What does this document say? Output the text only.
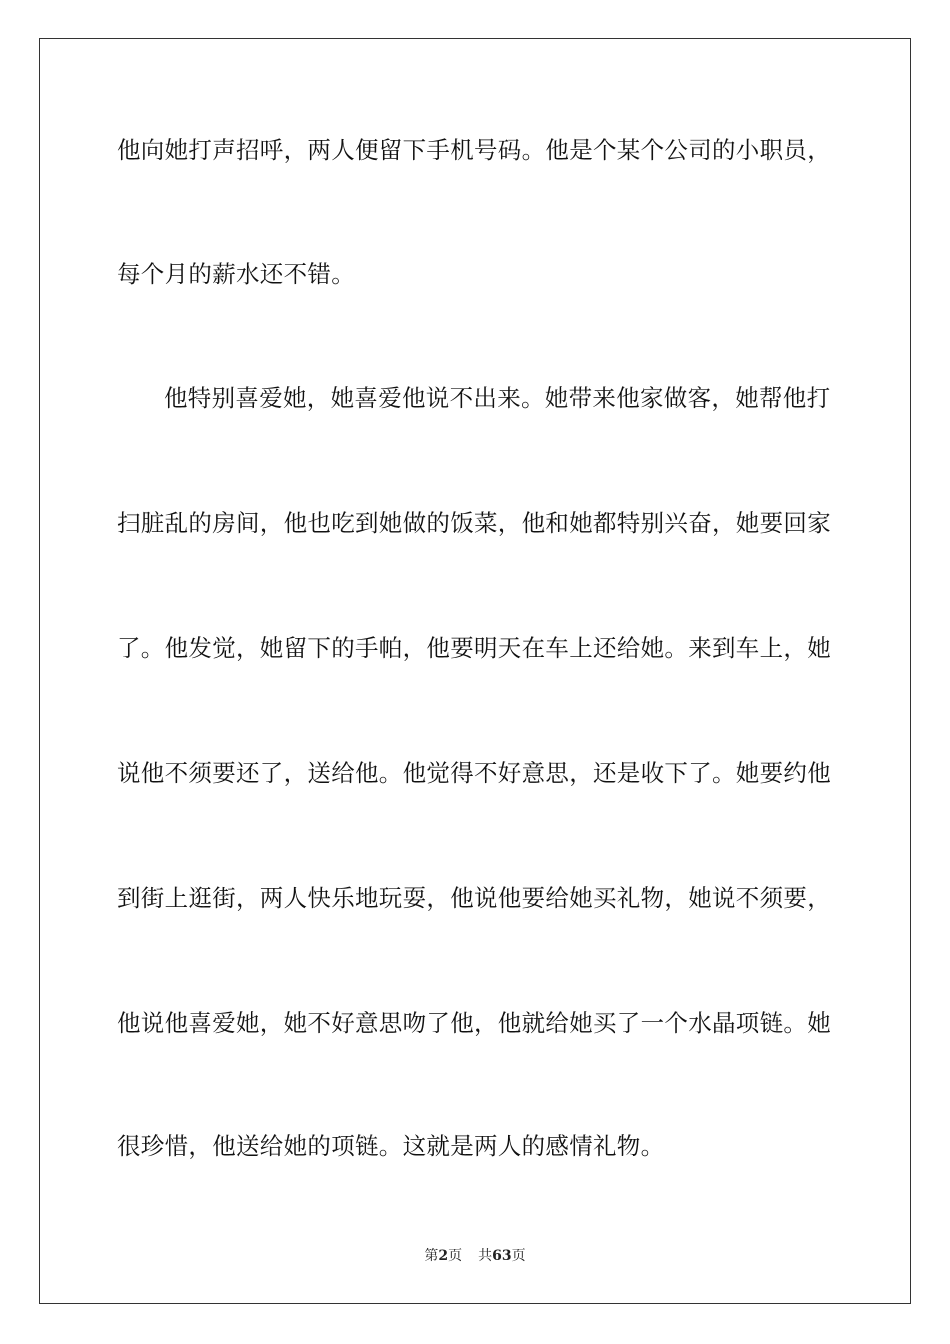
他向她打声招呼，两人便留下手机号码。他是个某个公司的小职员，
每个月的薪水还不错。
他特别喜爱她，她喜爱他说不出来。她带来他家做客，她帮他打
扫脏乱的房间，他也吃到她做的饭菜，他和她都特别兴奋，她要回家
了。他发觉，她留下的手帕，他要明天在车上还给她。来到车上，她
说他不须要还了，送给他。他觉得不好意思，还是收下了。她要约他
到街上逛街，两人快乐地玩耍，他说他要给她买礼物，她说不须要，
他说他喜爱她，她不好意思吻了他，他就给她买了一个水晶项链。她
很珍惜，他送给她的项链。这就是两人的感情礼物。
第2页 共63页
